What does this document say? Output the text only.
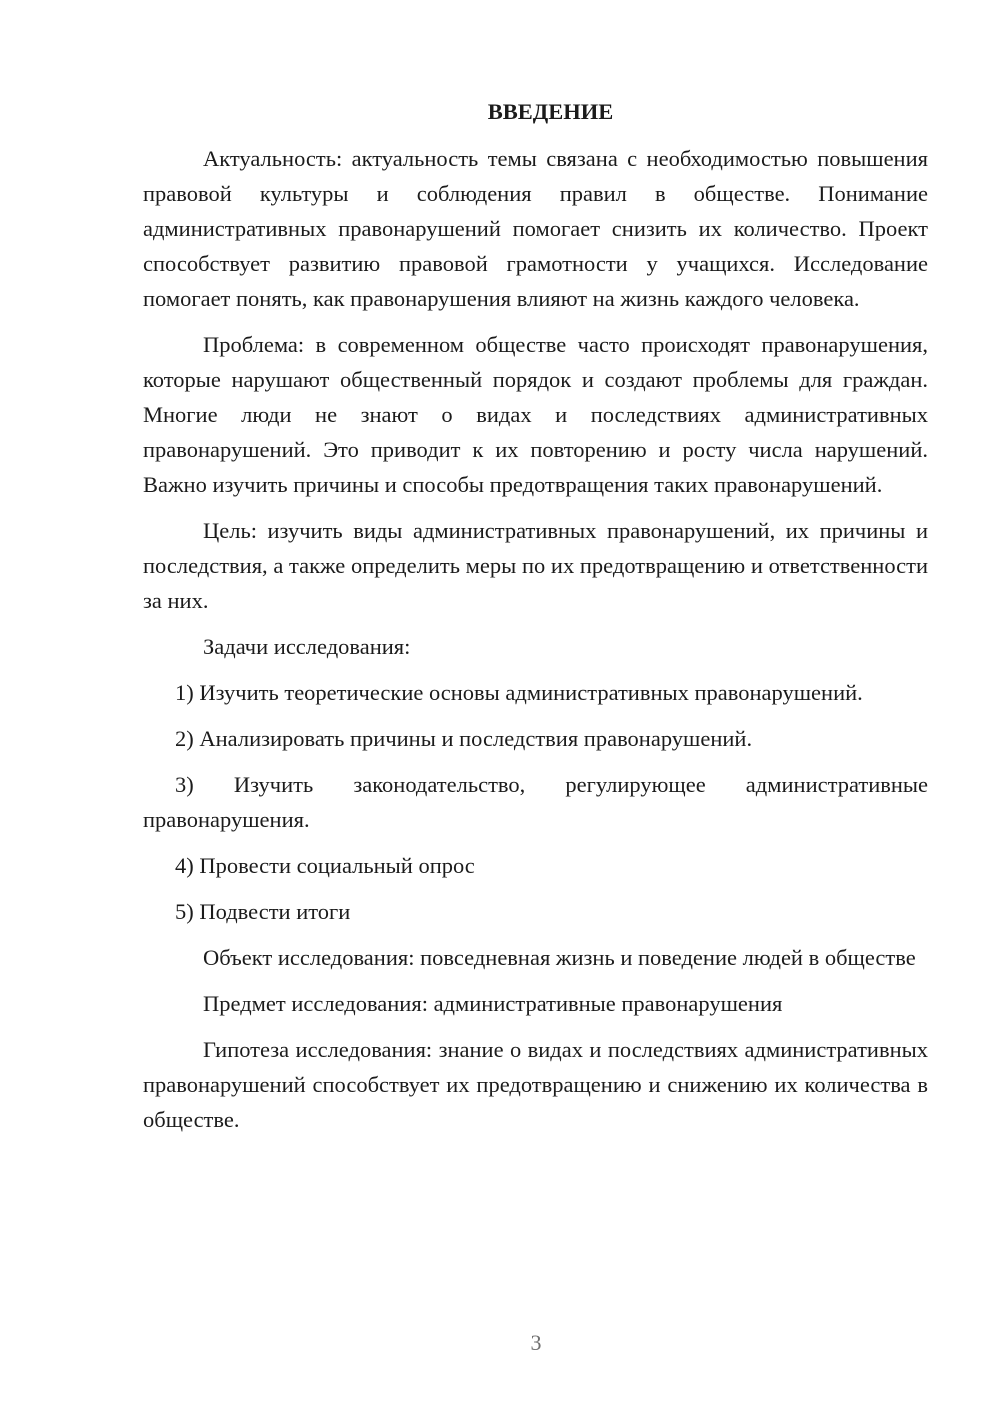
ВВЕДЕНИЕ

Актуальность: актуальность темы связана с необходимостью повышения правовой культуры и соблюдения правил в обществе. Понимание административных правонарушений помогает снизить их количество. Проект способствует развитию правовой грамотности у учащихся. Исследование помогает понять, как правонарушения влияют на жизнь каждого человека.

Проблема: в современном обществе часто происходят правонарушения, которые нарушают общественный порядок и создают проблемы для граждан. Многие люди не знают о видах и последствиях административных правонарушений. Это приводит к их повторению и росту числа нарушений. Важно изучить причины и способы предотвращения таких правонарушений.

Цель: изучить виды административных правонарушений, их причины и последствия, а также определить меры по их предотвращению и ответственности за них.

Задачи исследования:

1) Изучить теоретические основы административных правонарушений.

2) Анализировать причины и последствия правонарушений.

3) Изучить законодательство, регулирующее административные правонарушения.

4) Провести социальный опрос

5) Подвести итоги

Объект исследования: повседневная жизнь и поведение людей в обществе

Предмет исследования: административные правонарушения

Гипотеза исследования: знание о видах и последствиях административных правонарушений способствует их предотвращению и снижению их количества в обществе.

3
